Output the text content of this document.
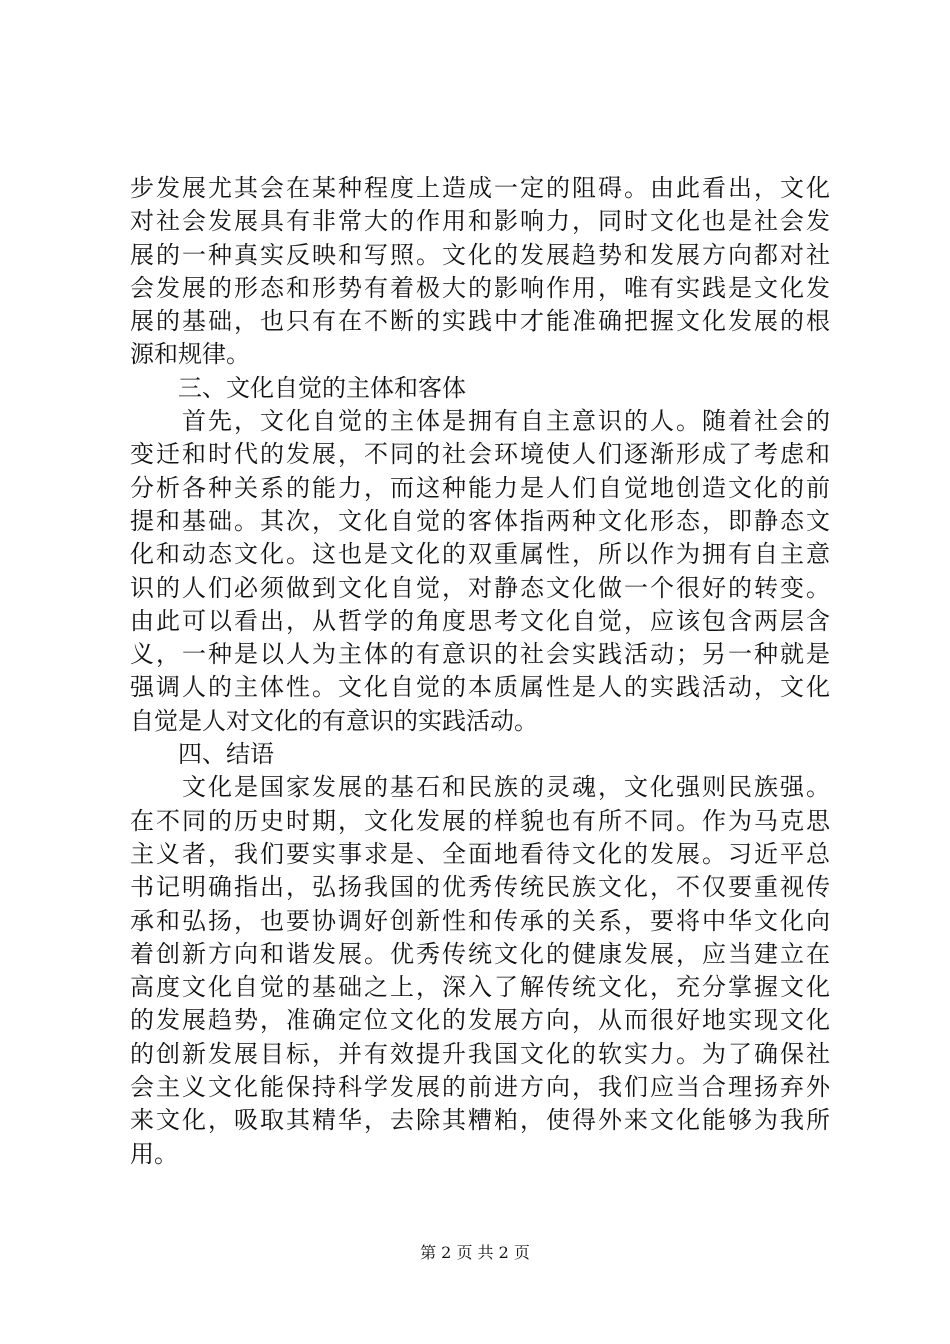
步发展尤其会在某种程度上造成一定的阻碍。由此看出，文化
对社会发展具有非常大的作用和影响力，同时文化也是社会发
展的一种真实反映和写照。文化的发展趋势和发展方向都对社
会发展的形态和形势有着极大的影响作用，唯有实践是文化发
展的基础，也只有在不断的实践中才能准确把握文化发展的根
源和规律。
三、文化自觉的主体和客体
首先，文化自觉的主体是拥有自主意识的人。随着社会的
变迁和时代的发展，不同的社会环境使人们逐渐形成了考虑和
分析各种关系的能力，而这种能力是人们自觉地创造文化的前
提和基础。其次，文化自觉的客体指两种文化形态，即静态文
化和动态文化。这也是文化的双重属性，所以作为拥有自主意
识的人们必须做到文化自觉，对静态文化做一个很好的转变。
由此可以看出，从哲学的角度思考文化自觉，应该包含两层含
义，一种是以人为主体的有意识的社会实践活动；另一种就是
强调人的主体性。文化自觉的本质属性是人的实践活动，文化
自觉是人对文化的有意识的实践活动。
四、结语
文化是国家发展的基石和民族的灵魂，文化强则民族强。
在不同的历史时期，文化发展的样貌也有所不同。作为马克思
主义者，我们要实事求是、全面地看待文化的发展。习近平总
书记明确指出，弘扬我国的优秀传统民族文化，不仅要重视传
承和弘扬，也要协调好创新性和传承的关系，要将中华文化向
着创新方向和谐发展。优秀传统文化的健康发展，应当建立在
高度文化自觉的基础之上，深入了解传统文化，充分掌握文化
的发展趋势，准确定位文化的发展方向，从而很好地实现文化
的创新发展目标，并有效提升我国文化的软实力。为了确保社
会主义文化能保持科学发展的前进方向，我们应当合理扬弃外
来文化，吸取其精华，去除其糟粕，使得外来文化能够为我所
用。
第 2 页 共 2 页
